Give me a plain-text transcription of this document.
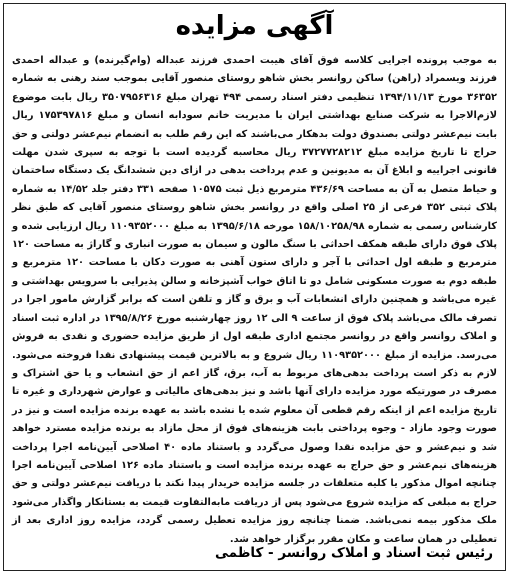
آگهی مزایده
به موجب پرونده اجرایی کلاسه فوق آقای هیبت احمدی فرزند عبداله (وام‌گیرنده) و عبداله احمدی فرزند ویسمراد (راهن) ساکن روانسر بخش شاهو روستای منصور آقایی بموجب سند رهنی به شماره ۳۶۳۵۲ مورخ ۱۳۹۴/۱۱/۱۳ تنظیمی دفتر اسناد رسمی ۴۹۴ تهران مبلغ ۳۵۰۷۹۵۶۳۱۶ ریال بابت موضوع لازم‌الاجرا به شرکت صنایع بهداشتی ایران با مدیریت خانم سودابه انسان و مبلغ ۱۷۵۳۹۷۸۱۶ ریال بابت نیم‌عشر دولتی بصندوق دولت بدهکار می‌باشند که این رقم طلب به انضمام نیم‌عشر دولتی و حق حراج تا تاریخ مزایده مبلغ ۳۷۲۷۷۲۸۲۱۲ ریال محاسبه گردیده است با توجه به سپری شدن مهلت قانونی اجراییه و ابلاغ آن به مدیونین و عدم پرداخت بدهی در ازای دین ششدانگ یک دستگاه ساختمان و حیاط متصل به آن به مساحت ۴۳۶/۶۹ مترمربع ذیل ثبت ۱۰۵۷۵ صفحه ۳۳۱ دفتر جلد ۱۴/۵۲ به شماره پلاک ثبتی ۳۵۲ فرعی از ۲۵ اصلی واقع در روانسر بخش شاهو روستای منصور آقایی که طبق نظر کارشناس رسمی به شماره ۱۵۸/۱۰۲۵۸/۹۸ مورخه ۱۳۹۵/۶/۱۸ به مبلغ ۱۱۰۹۳۵۲۰۰۰ ریال ارزیابی شده و پلاک فوق دارای طبقه همکف احداثی با سنگ مالون و سیمان به صورت انباری و گاراژ به مساحت ۱۲۰ مترمربع و طبقه اول احداثی با آجر و دارای ستون آهنی به صورت دکان با مساحت ۱۲۰ مترمربع و طبقه دوم به صورت مسکونی شامل دو تا اتاق خواب آشپزخانه و سالن پذیرایی با سرویس بهداشتی و غیره می‌باشد و همچنین دارای انشعابات آب و برق و گاز و تلفن است که برابر گزارش مامور اجرا در تصرف مالک می‌باشد پلاک فوق از ساعت ۹ الی ۱۲ روز چهارشنبه مورخ ۱۳۹۵/۸/۲۶ در اداره ثبت اسناد و املاک روانسر واقع در روانسر مجتمع اداری طبقه اول از طریق مزایده حضوری و نقدی به فروش می‌رسد. مزایده از مبلغ ۱۱۰۹۳۵۲۰۰۰ ریال شروع و به بالاترین قیمت پیشنهادی نقدا فروخته می‌شود. لازم به ذکر است پرداخت بدهی‌های مربوط به آب، برق، گاز اعم از حق انشعاب و یا حق اشتراک و مصرف در صورتیکه مورد مزایده دارای آنها باشد و نیز بدهی‌های مالیاتی و عوارض شهرداری و غیره تا تاریخ مزایده اعم از اینکه رقم قطعی آن معلوم شده یا نشده باشد به عهده برنده مزایده است و نیز در صورت وجود مازاد - وجوه پرداختی بابت هزینه‌های فوق از محل مازاد به برنده مزایده مسترد خواهد شد و نیم‌عشر و حق مزایده نقدا وصول می‌گردد و باستناد ماده ۴۰ اصلاحی آیین‌نامه اجرا پرداخت هزینه‌های نیم‌عشر و حق حراج به عهده برنده مزایده است و باستناد ماده ۱۲۶ اصلاحی آیین‌نامه اجرا چنانچه اموال مذکور یا کلیه متعلقات در جلسه مزایده خریدار پیدا نکند با دریافت نیم‌عشر دولتی و حق حراج به مبلغی که مزایده شروع می‌شود پس از دریافت مابه‌التفاوت قیمت به بستانکار واگذار می‌شود ملک مذکور بیمه نمی‌باشد. ضمنا چنانچه روز مزایده تعطیل رسمی گردد، مزایده روز اداری بعد از تعطیلی در همان ساعت و مکان مقرر برگزار خواهد شد.
رئیس ثبت اسناد و املاک روانسر - کاظمی
